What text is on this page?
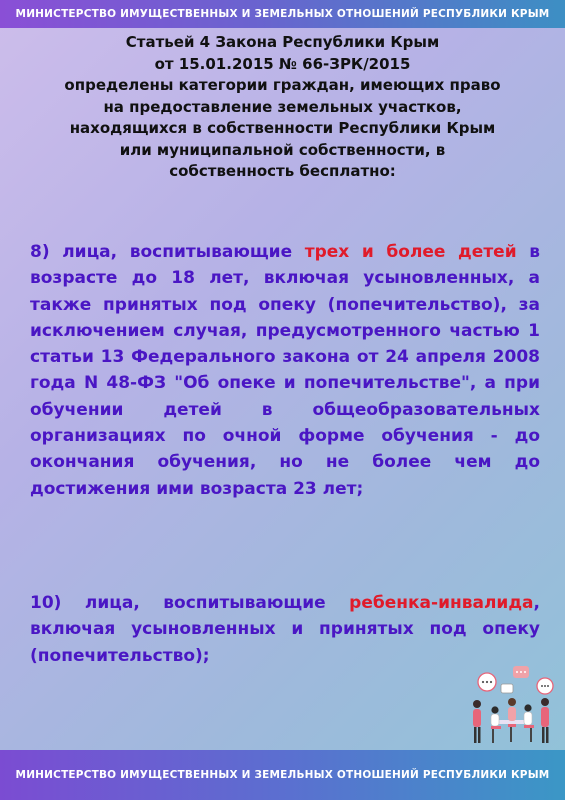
МИНИСТЕРСТВО ИМУЩЕСТВЕННЫХ И ЗЕМЕЛЬНЫХ ОТНОШЕНИЙ РЕСПУБЛИКИ КРЫМ
Статьей 4 Закона Республики Крым
от 15.01.2015 № 66-ЗРК/2015
определены категории граждан, имеющих право
на предоставление земельных участков,
находящихся в собственности Республики Крым
или муниципальной собственности, в
собственность бесплатно:
8) лица, воспитывающие трех и более детей в возрасте до 18 лет, включая усыновленных, а также принятых под опеку (попечительство), за исключением случая, предусмотренного частью 1 статьи 13 Федерального закона от 24 апреля 2008 года N 48-ФЗ "Об опеке и попечительстве", а при обучении детей в общеобразовательных организациях по очной форме обучения - до окончания обучения, но не более чем до достижения ими возраста 23 лет;
10) лица, воспитывающие ребенка-инвалида, включая усыновленных и принятых под опеку (попечительство);
МИНИСТЕРСТВО ИМУЩЕСТВЕННЫХ И ЗЕМЕЛЬНЫХ ОТНОШЕНИЙ РЕСПУБЛИКИ КРЫМ
